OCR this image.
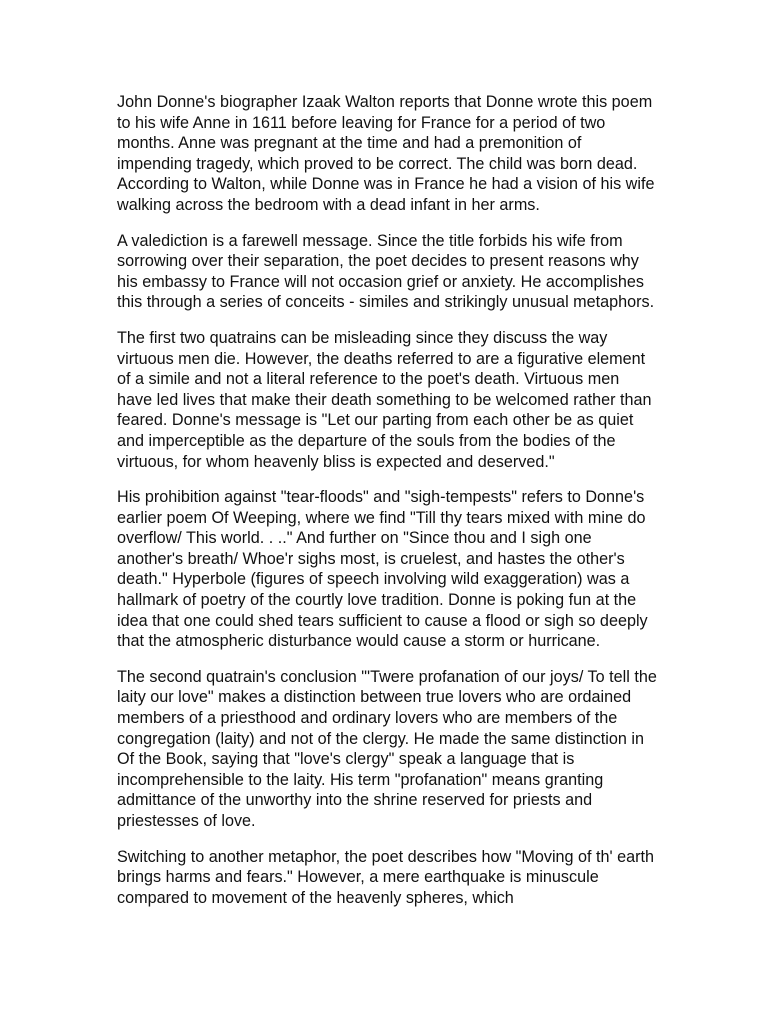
John Donne's biographer Izaak Walton reports that Donne wrote this poem to his wife Anne in 1611 before leaving for France for a period of two months. Anne was pregnant at the time and had a premonition of impending tragedy, which proved to be correct. The child was born dead. According to Walton, while Donne was in France he had a vision of his wife walking across the bedroom with a dead infant in her arms.

A valediction is a farewell message. Since the title forbids his wife from sorrowing over their separation, the poet decides to present reasons why his embassy to France will not occasion grief or anxiety. He accomplishes this through a series of conceits - similes and strikingly unusual metaphors.

The first two quatrains can be misleading since they discuss the way virtuous men die. However, the deaths referred to are a figurative element of a simile and not a literal reference to the poet's death. Virtuous men have led lives that make their death something to be welcomed rather than feared. Donne's message is "Let our parting from each other be as quiet and imperceptible as the departure of the souls from the bodies of the virtuous, for whom heavenly bliss is expected and deserved."

His prohibition against "tear-floods" and "sigh-tempests" refers to Donne's earlier poem Of Weeping, where we find "Till thy tears mixed with mine do overflow/ This world. . .." And further on "Since thou and I sigh one another's breath/ Whoe'r sighs most, is cruelest, and hastes the other's death." Hyperbole (figures of speech involving wild exaggeration) was a hallmark of poetry of the courtly love tradition. Donne is poking fun at the idea that one could shed tears sufficient to cause a flood or sigh so deeply that the atmospheric disturbance would cause a storm or hurricane.

The second quatrain's conclusion "'Twere profanation of our joys/ To tell the laity our love" makes a distinction between true lovers who are ordained members of a priesthood and ordinary lovers who are members of the congregation (laity) and not of the clergy. He made the same distinction in Of the Book, saying that "love's clergy" speak a language that is incomprehensible to the laity. His term "profanation" means granting admittance of the unworthy into the shrine reserved for priests and priestesses of love.

Switching to another metaphor, the poet describes how "Moving of th' earth brings harms and fears." However, a mere earthquake is minuscule compared to movement of the heavenly spheres, which
